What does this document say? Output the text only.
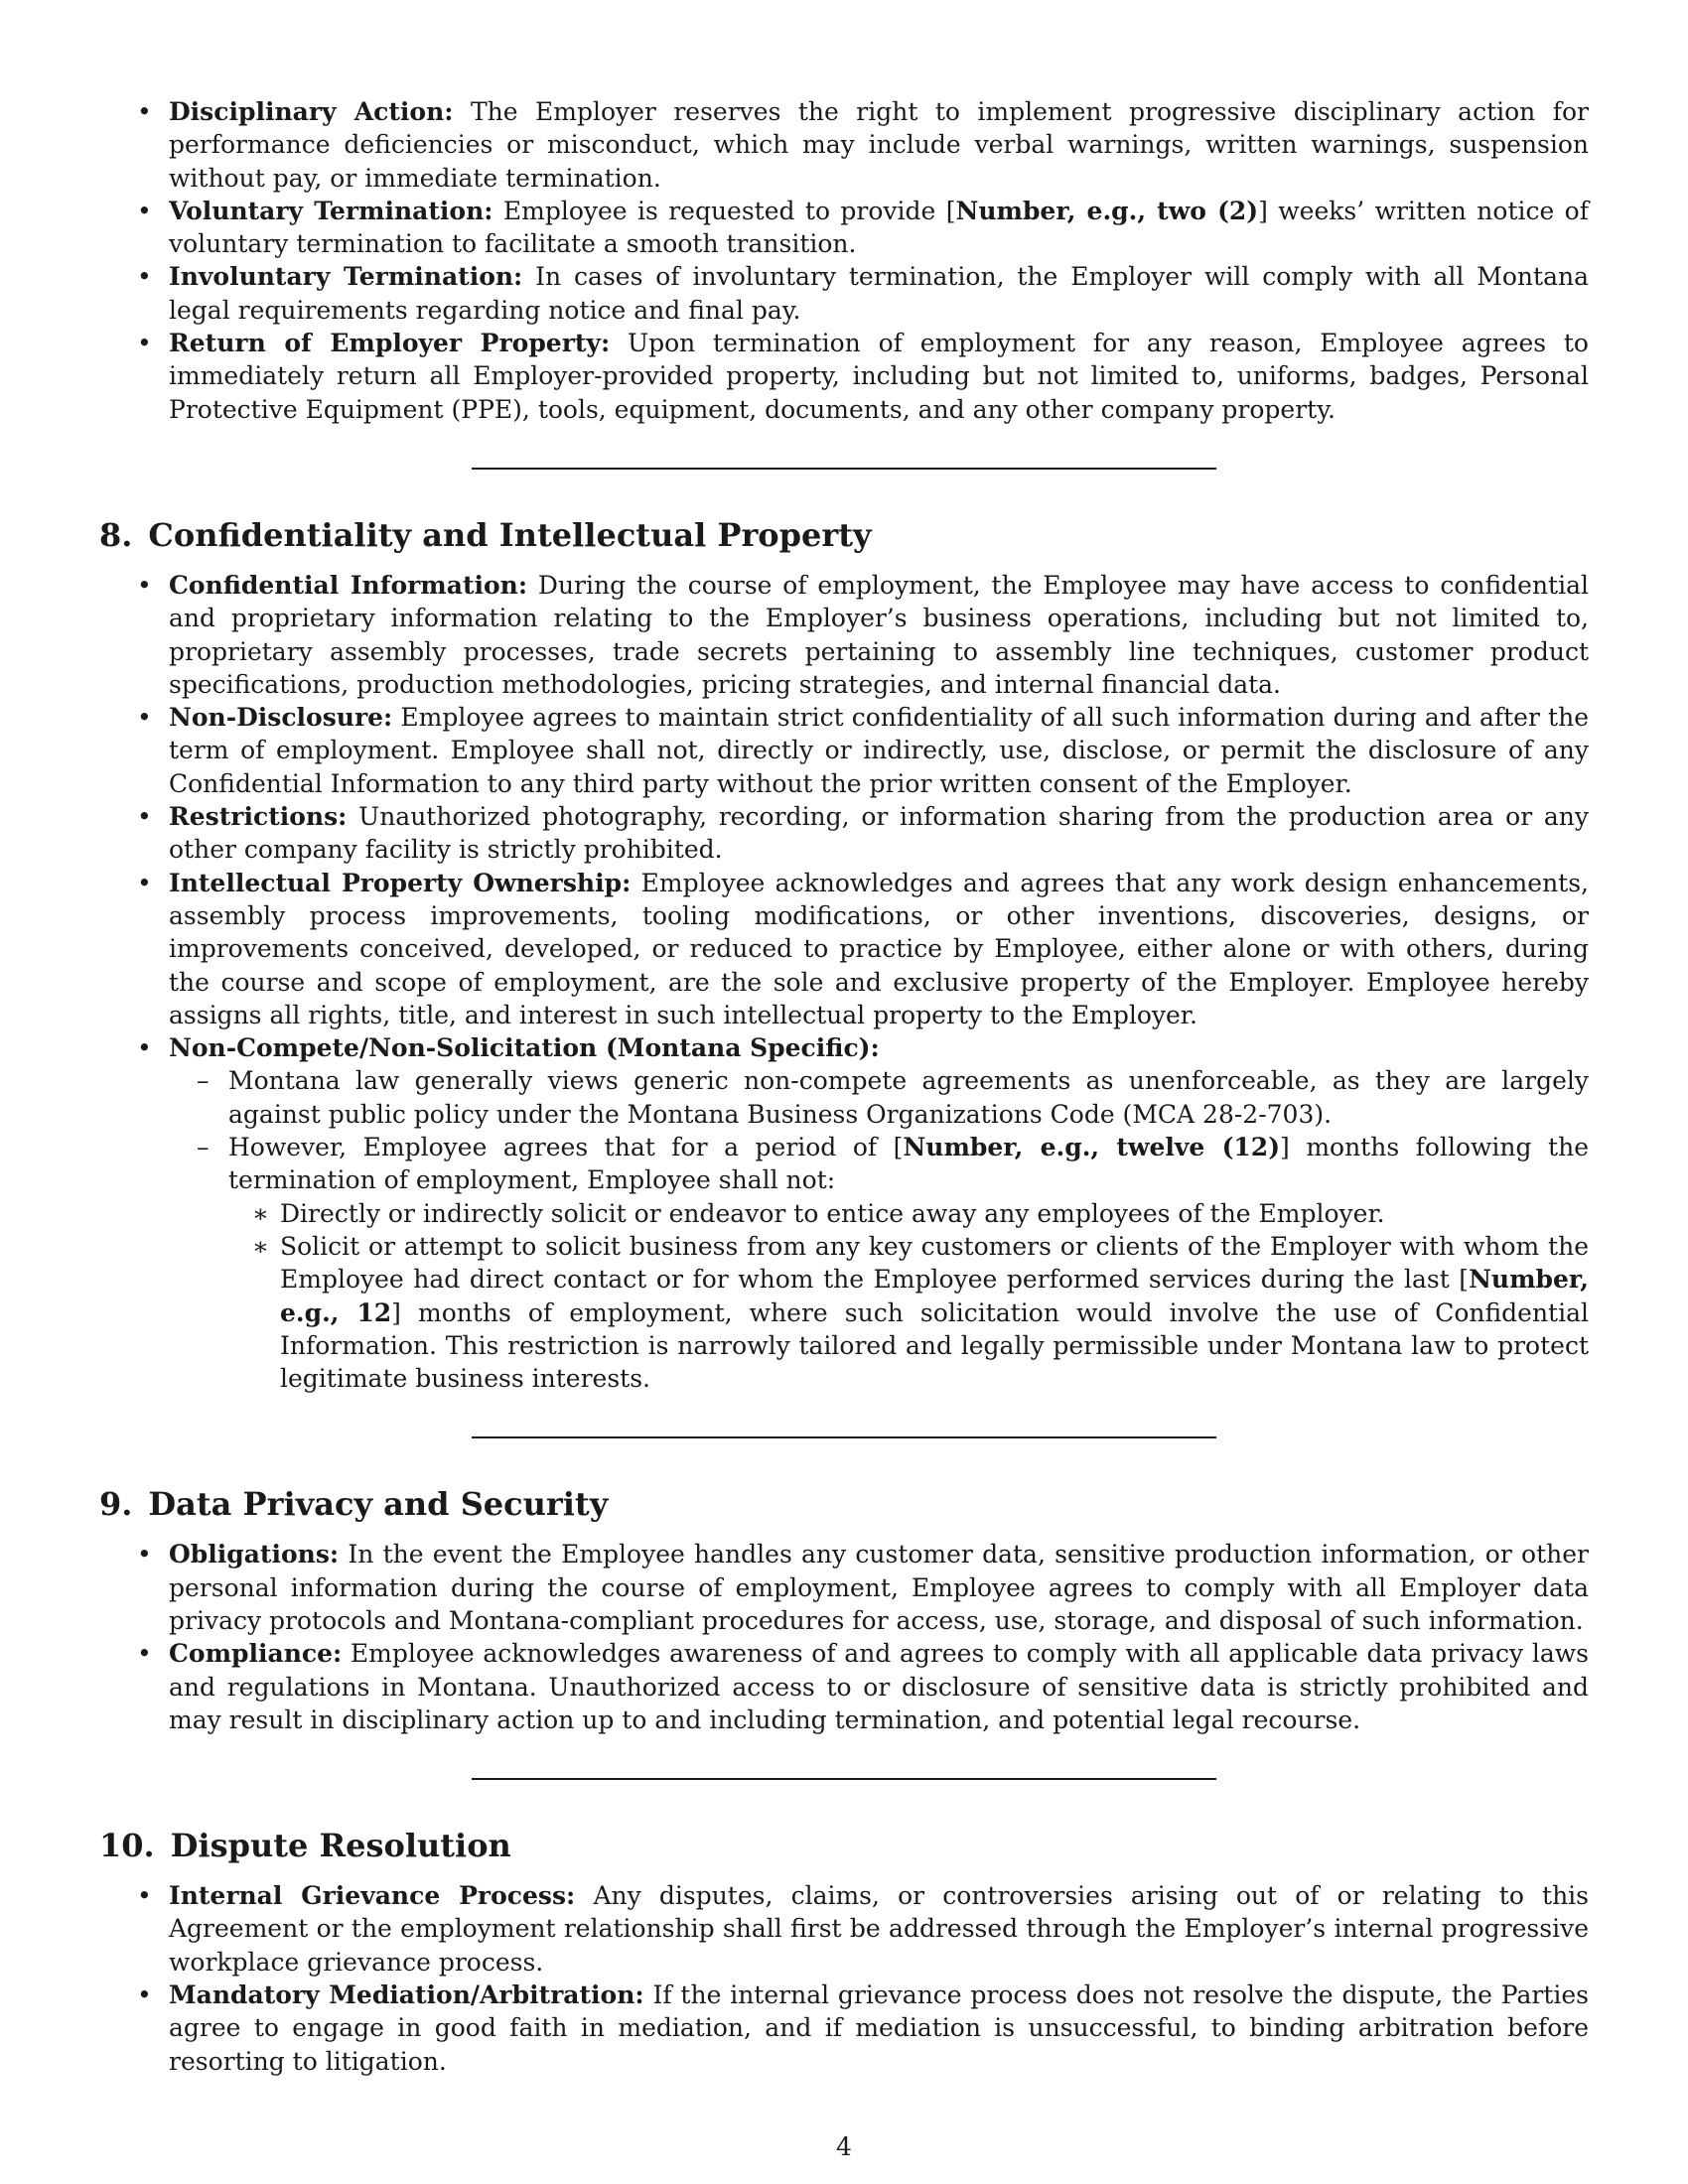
• Disciplinary Action: The Employer reserves the right to implement progressive disciplinary action for performance deficiencies or misconduct, which may include verbal warnings, written warnings, suspension without pay, or immediate termination.
• Voluntary Termination: Employee is requested to provide [Number, e.g., two (2)] weeks’ written notice of voluntary termination to facilitate a smooth transition.
• Involuntary Termination: In cases of involuntary termination, the Employer will comply with all Montana legal requirements regarding notice and final pay.
• Return of Employer Property: Upon termination of employment for any reason, Employee agrees to immediately return all Employer-provided property, including but not limited to, uniforms, badges, Personal Protective Equipment (PPE), tools, equipment, documents, and any other company property.
8. Confidentiality and Intellectual Property
• Confidential Information: During the course of employment, the Employee may have access to confidential and proprietary information relating to the Employer’s business operations, including but not limited to, proprietary assembly processes, trade secrets pertaining to assembly line techniques, customer product specifications, production methodologies, pricing strategies, and internal financial data.
• Non-Disclosure: Employee agrees to maintain strict confidentiality of all such information during and after the term of employment. Employee shall not, directly or indirectly, use, disclose, or permit the disclosure of any Confidential Information to any third party without the prior written consent of the Employer.
• Restrictions: Unauthorized photography, recording, or information sharing from the production area or any other company facility is strictly prohibited.
• Intellectual Property Ownership: Employee acknowledges and agrees that any work design enhancements, assembly process improvements, tooling modifications, or other inventions, discoveries, designs, or improvements conceived, developed, or reduced to practice by Employee, either alone or with others, during the course and scope of employment, are the sole and exclusive property of the Employer. Employee hereby assigns all rights, title, and interest in such intellectual property to the Employer.
• Non-Compete/Non-Solicitation (Montana Specific):
– Montana law generally views generic non-compete agreements as unenforceable, as they are largely against public policy under the Montana Business Organizations Code (MCA 28-2-703).
– However, Employee agrees that for a period of [Number, e.g., twelve (12)] months following the termination of employment, Employee shall not:
∗ Directly or indirectly solicit or endeavor to entice away any employees of the Employer.
∗ Solicit or attempt to solicit business from any key customers or clients of the Employer with whom the Employee had direct contact or for whom the Employee performed services during the last [Number, e.g., 12] months of employment, where such solicitation would involve the use of Confidential Information. This restriction is narrowly tailored and legally permissible under Montana law to protect legitimate business interests.
9. Data Privacy and Security
• Obligations: In the event the Employee handles any customer data, sensitive production information, or other personal information during the course of employment, Employee agrees to comply with all Employer data privacy protocols and Montana-compliant procedures for access, use, storage, and disposal of such information.
• Compliance: Employee acknowledges awareness of and agrees to comply with all applicable data privacy laws and regulations in Montana. Unauthorized access to or disclosure of sensitive data is strictly prohibited and may result in disciplinary action up to and including termination, and potential legal recourse.
10. Dispute Resolution
• Internal Grievance Process: Any disputes, claims, or controversies arising out of or relating to this Agreement or the employment relationship shall first be addressed through the Employer’s internal progressive workplace grievance process.
• Mandatory Mediation/Arbitration: If the internal grievance process does not resolve the dispute, the Parties agree to engage in good faith in mediation, and if mediation is unsuccessful, to binding arbitration before resorting to litigation.
4
